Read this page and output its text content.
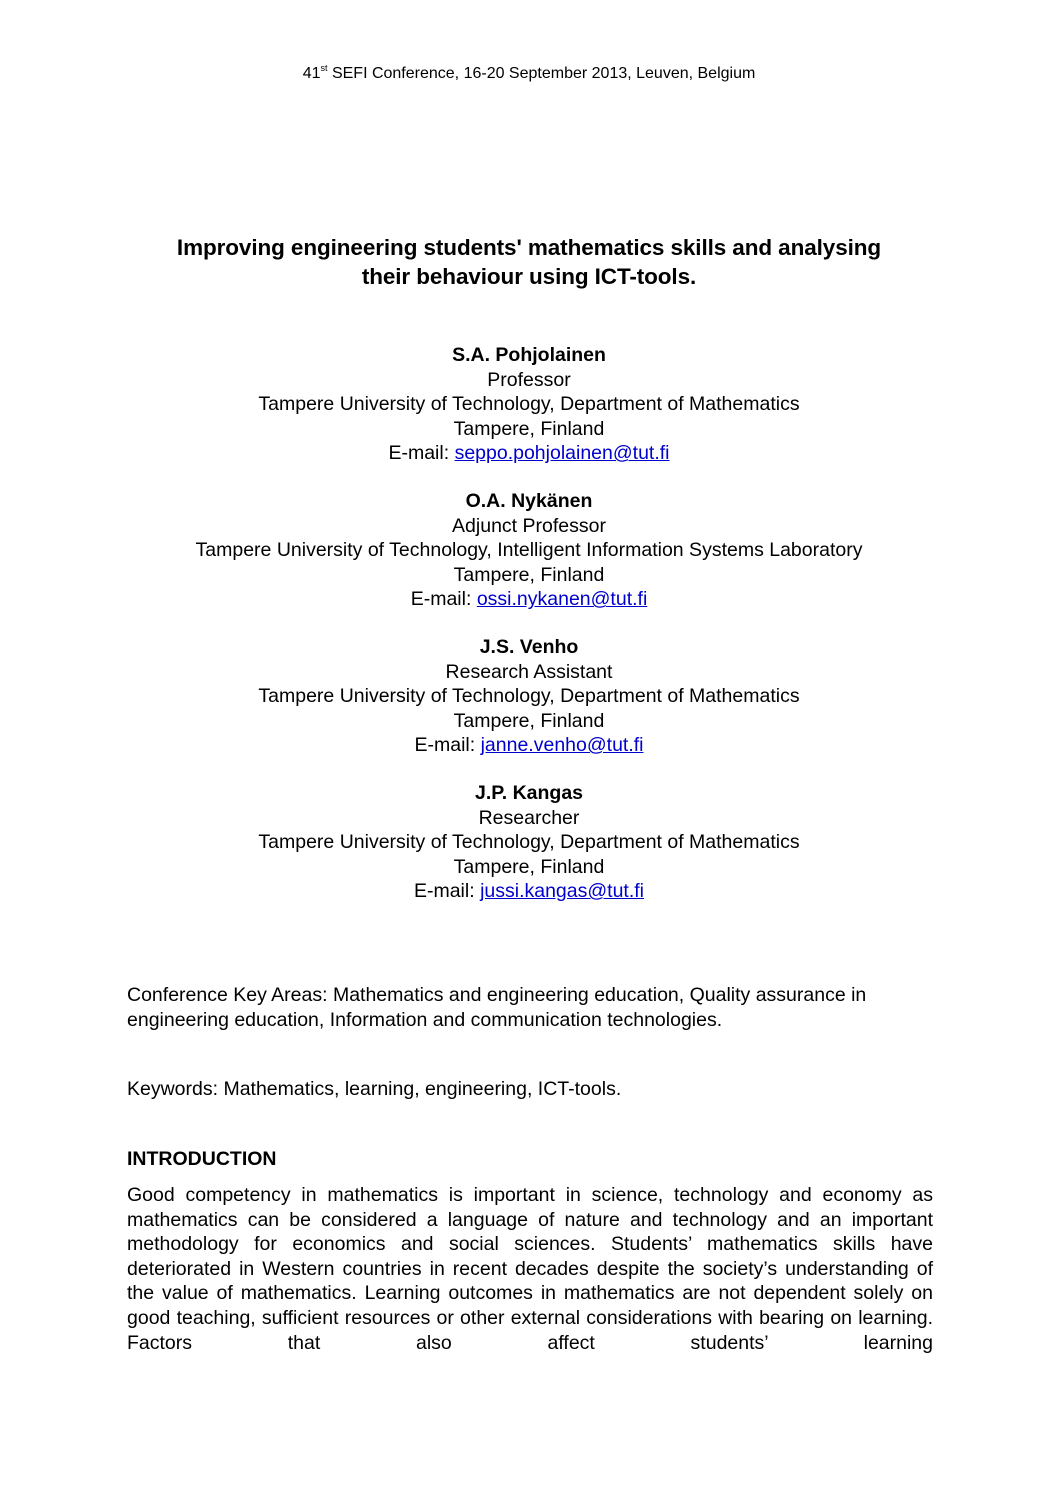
41st SEFI Conference, 16-20 September 2013, Leuven, Belgium
Improving engineering students' mathematics skills and analysing
their behaviour using ICT-tools.
S.A. Pohjolainen
Professor
Tampere University of Technology, Department of Mathematics
Tampere, Finland
E-mail: seppo.pohjolainen@tut.fi
O.A. Nykänen
Adjunct Professor
Tampere University of Technology, Intelligent Information Systems Laboratory
Tampere, Finland
E-mail: ossi.nykanen@tut.fi
J.S. Venho
Research Assistant
Tampere University of Technology, Department of Mathematics
Tampere, Finland
E-mail: janne.venho@tut.fi
J.P. Kangas
Researcher
Tampere University of Technology, Department of Mathematics
Tampere, Finland
E-mail: jussi.kangas@tut.fi
Conference Key Areas: Mathematics and engineering education, Quality assurance in engineering education, Information and communication technologies.
Keywords: Mathematics, learning, engineering, ICT-tools.
INTRODUCTION
Good competency in mathematics is important in science, technology and economy as mathematics can be considered a language of nature and technology and an important methodology for economics and social sciences. Students’ mathematics skills have deteriorated in Western countries in recent decades despite the society’s understanding of the value of mathematics. Learning outcomes in mathematics are not dependent solely on good teaching, sufficient resources or other external considerations with bearing on learning. Factors that also affect students’ learning
